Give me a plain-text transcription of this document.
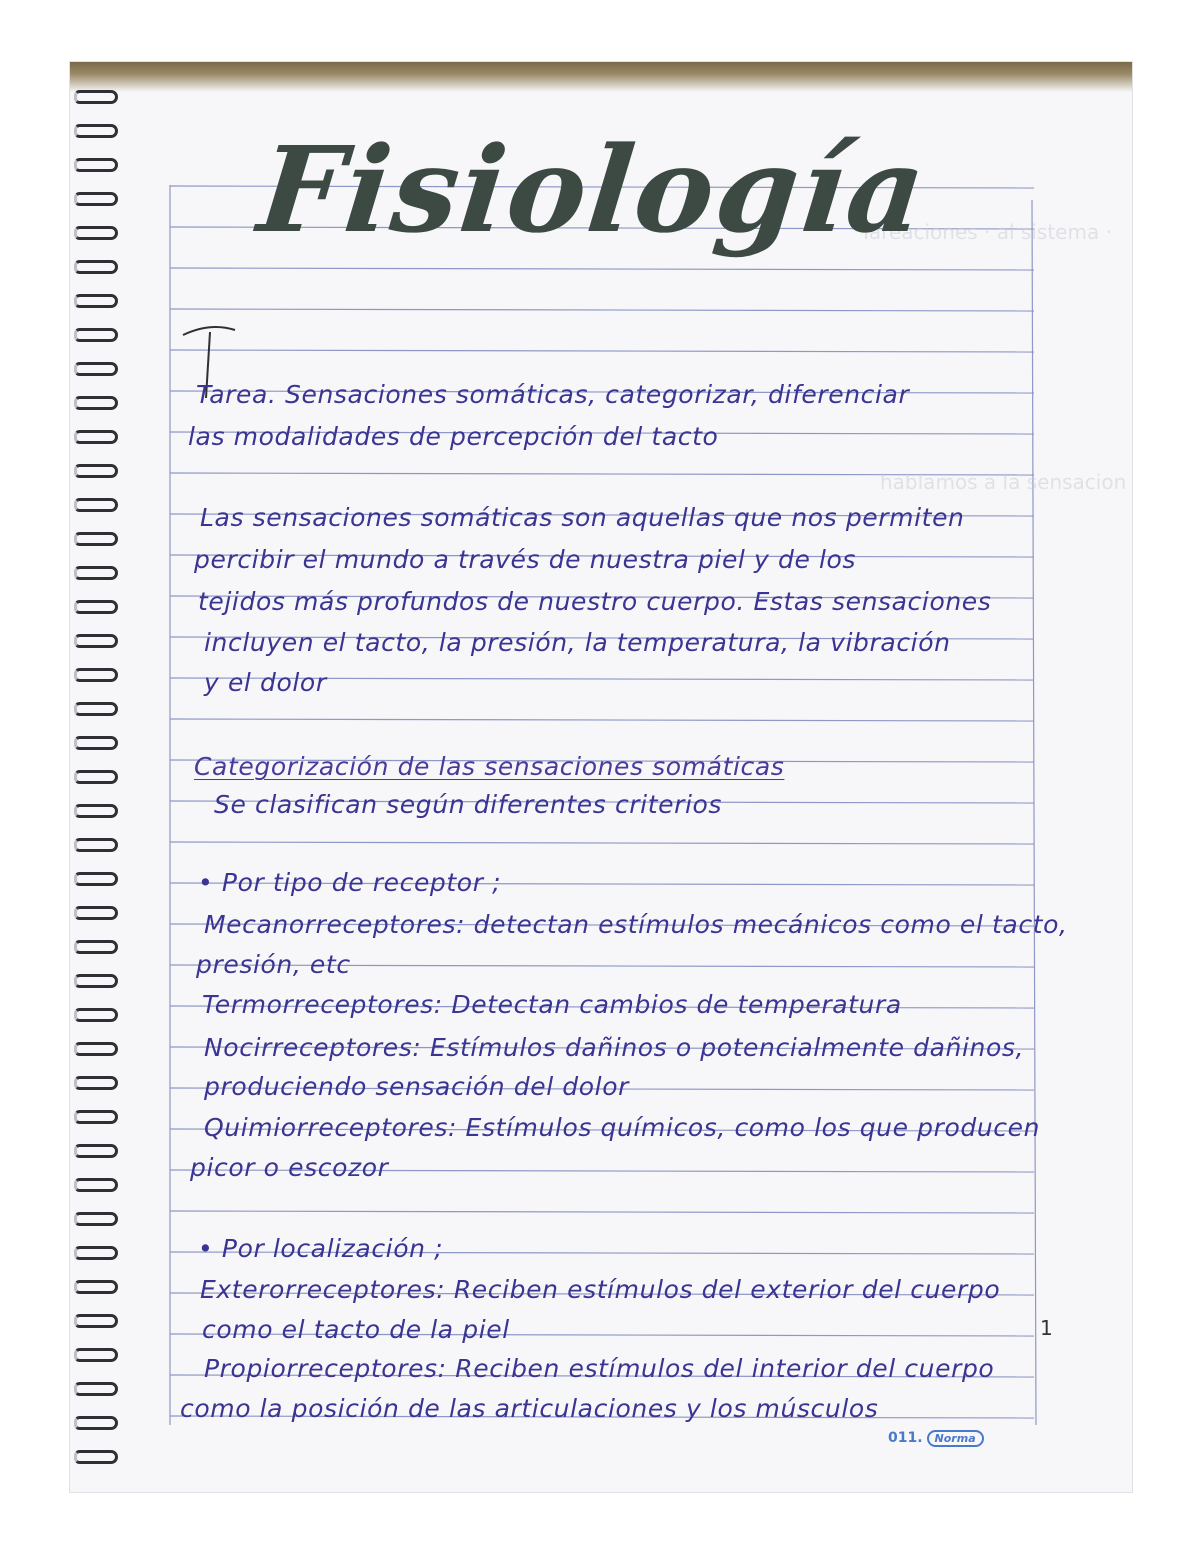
Tareaciones · al sistema ·
hablamos a la sensacion
Fisiología

Tarea. Sensaciones somáticas, categorizar, diferenciar

las modalidades de percepción del tacto

Las sensaciones somáticas son aquellas que nos permiten

percibir el mundo a través de nuestra piel y de los

tejidos más profundos de nuestro cuerpo. Estas sensaciones

incluyen el tacto, la presión, la temperatura, la vibración

y el dolor

Categorización de las sensaciones somáticas

Se clasifican según diferentes criterios

• Por tipo de receptor ;

Mecanorreceptores: detectan estímulos mecánicos como el tacto,

presión, etc

Termorreceptores: Detectan cambios de temperatura

Nocirreceptores: Estímulos dañinos o potencialmente dañinos,

produciendo sensación del dolor

Quimiorreceptores: Estímulos químicos, como los que producen

picor o escozor

• Por localización ;

Exterorreceptores: Reciben estímulos del exterior del cuerpo

como el tacto de la piel

Propiorreceptores: Reciben estímulos del interior del cuerpo

como la posición de las articulaciones y los músculos

1
011. Norma
